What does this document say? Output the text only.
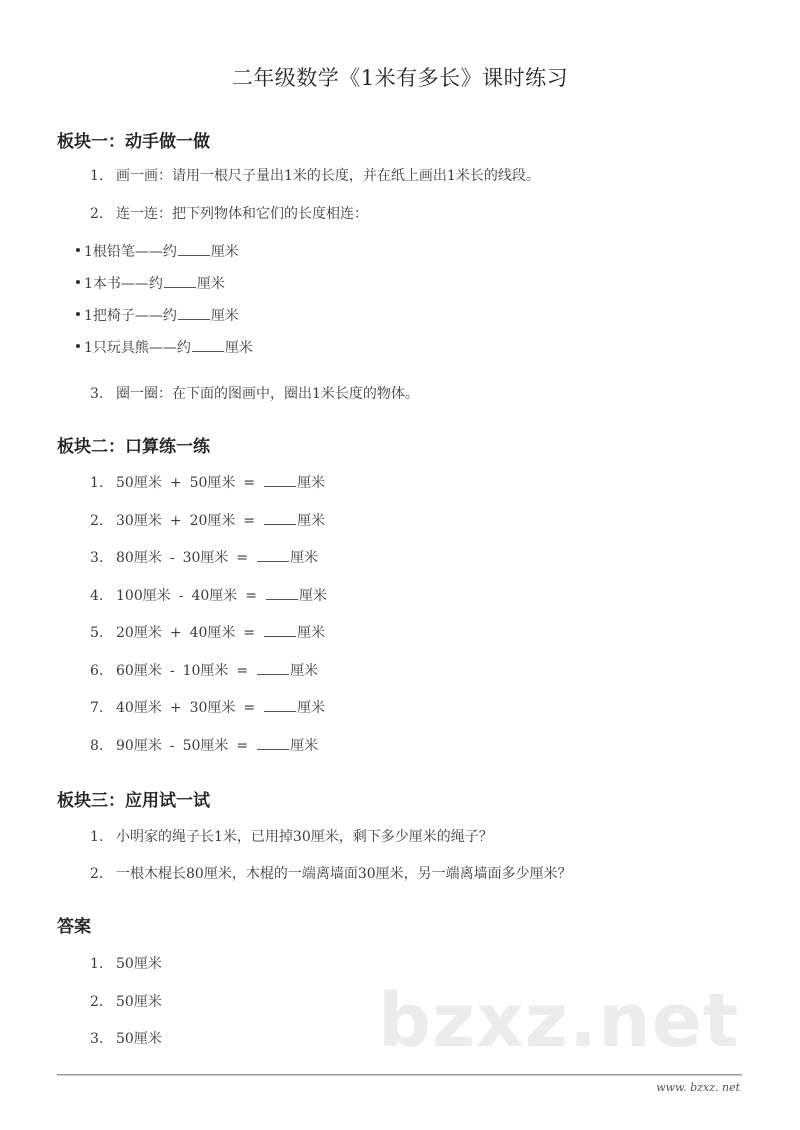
二年级数学《1米有多长》课时练习
板块一：动手做一做
1. 画一画：请用一根尺子量出1米的长度，并在纸上画出1米长的线段。
2. 连一连：把下列物体和它们的长度相连：
1根铅笔——约 厘米
1本书——约 厘米
1把椅子——约 厘米
1只玩具熊——约 厘米
3. 圈一圈：在下面的图画中，圈出1米长度的物体。
板块二：口算练一练
1. 50厘米 + 50厘米 =	厘米
2. 30厘米 + 20厘米 =	厘米
3. 80厘米 - 30厘米 =	厘米
4. 100厘米 - 40厘米 =	厘米
5. 20厘米 + 40厘米 =	厘米
6. 60厘米 - 10厘米 =	厘米
7. 40厘米 + 30厘米 =	厘米
8. 90厘米 - 50厘米 =	厘米
板块三：应用试一试
1. 小明家的绳子长1米，已用掉30厘米，剩下多少厘米的绳子？
2. 一根木棍长80厘米，木棍的一端离墙面30厘米，另一端离墙面多少厘米？
答案
1. 50厘米
2. 50厘米
3. 50厘米	bzxz.net
www. bzxz. net
